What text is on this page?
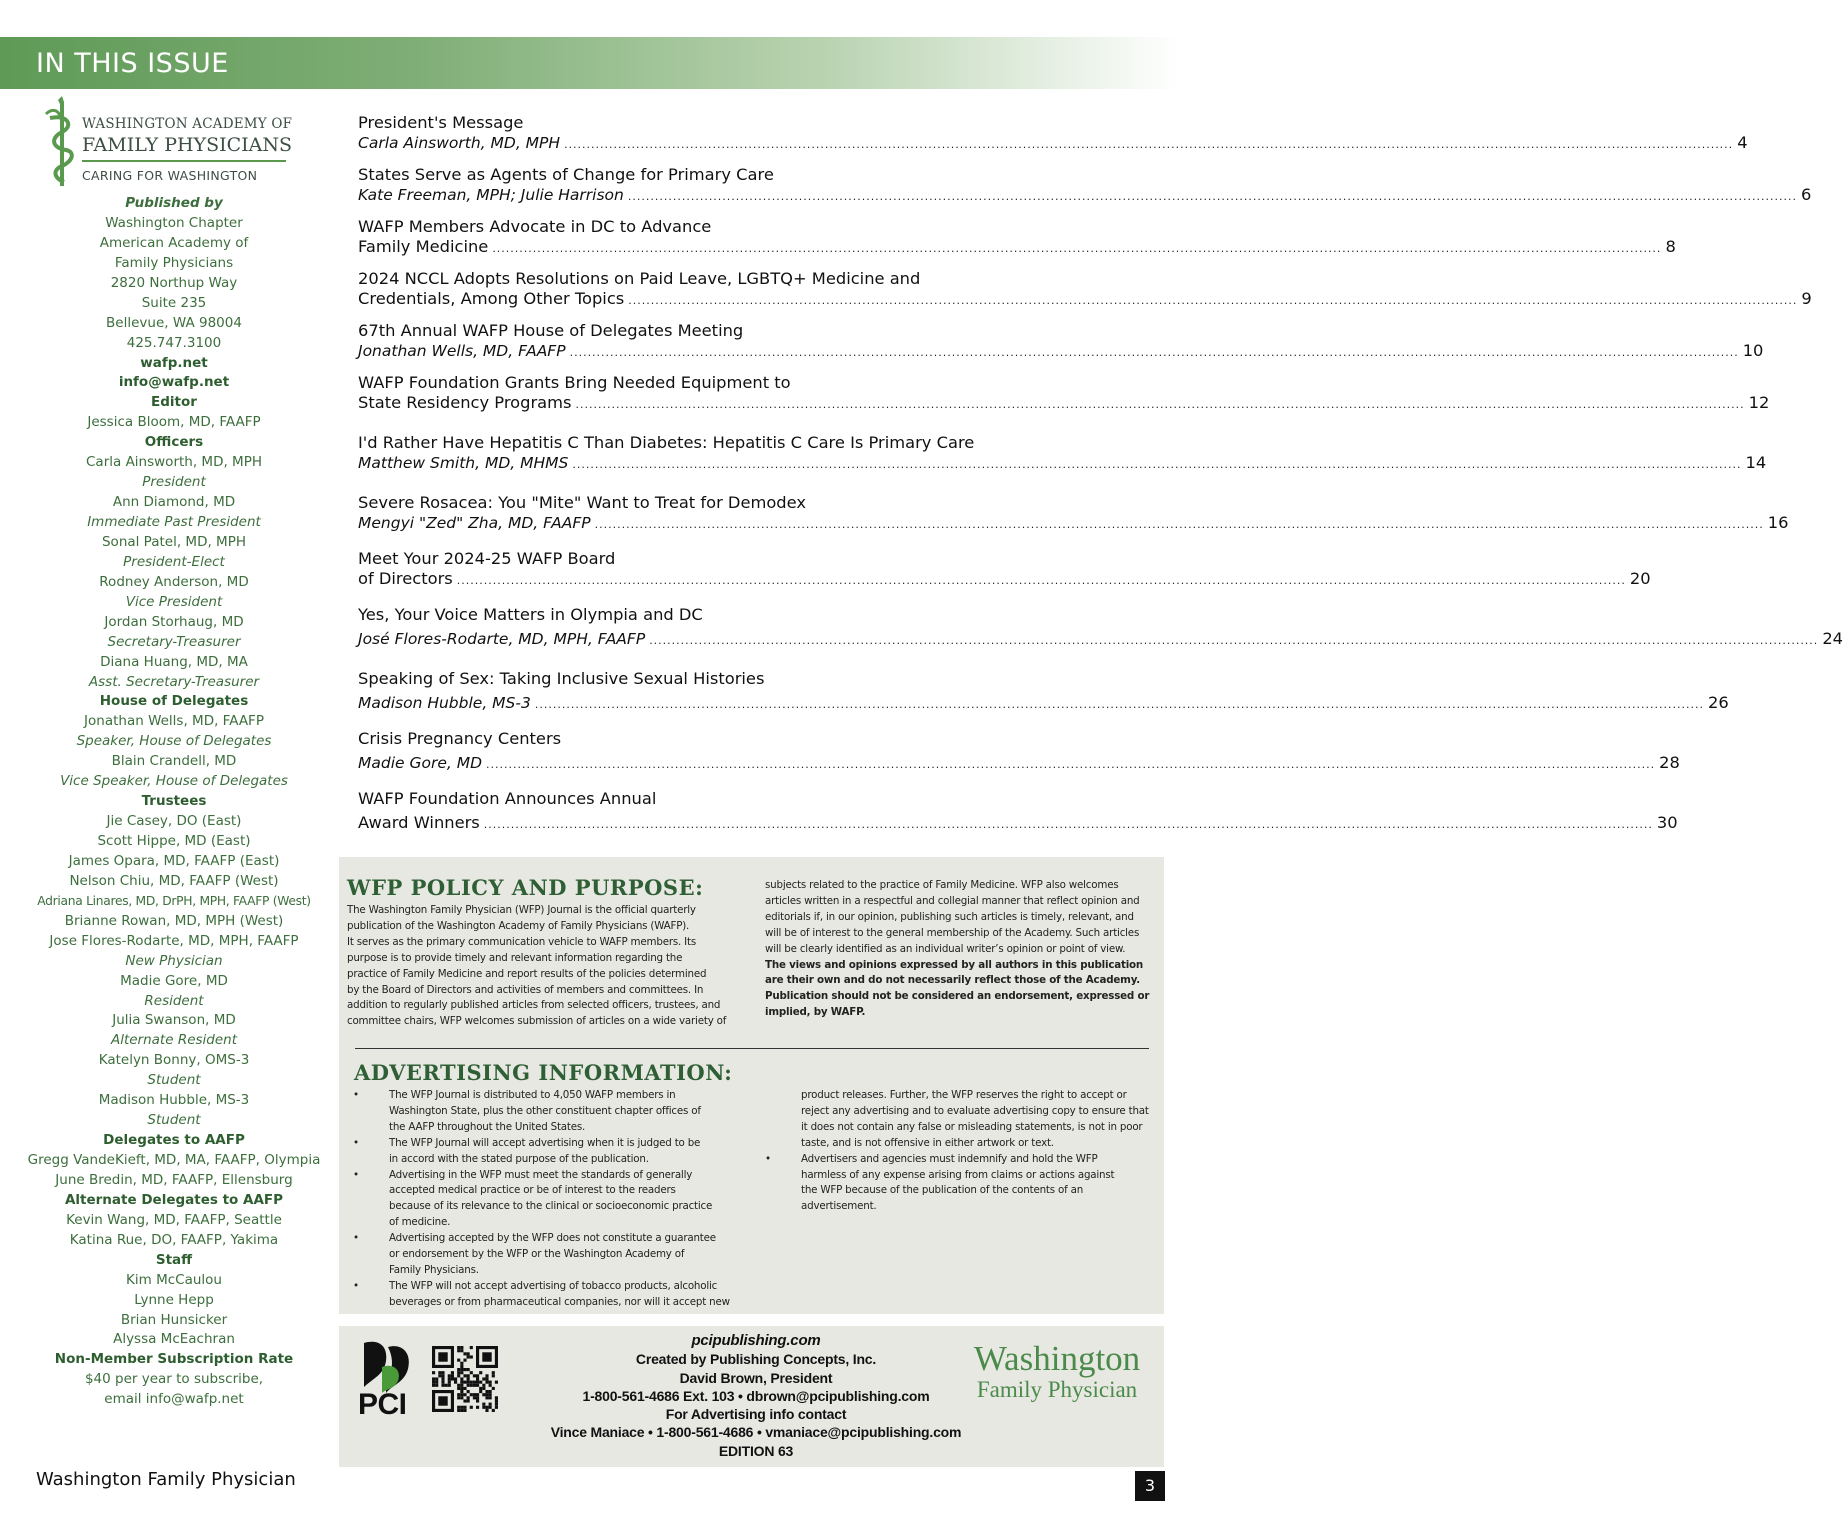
IN THIS ISSUE
WASHINGTON ACADEMY OF
FAMILY PHYSICIANS
CARING FOR WASHINGTON
Published by
Washington Chapter
American Academy of
Family Physicians
2820 Northup Way
Suite 235
Bellevue, WA 98004
425.747.3100
wafp.net
info@wafp.net
Editor
Jessica Bloom, MD, FAAFP
Officers
Carla Ainsworth, MD, MPH
President
Ann Diamond, MD
Immediate Past President
Sonal Patel, MD, MPH
President-Elect
Rodney Anderson, MD
Vice President
Jordan Storhaug, MD
Secretary-Treasurer
Diana Huang, MD, MA
Asst. Secretary-Treasurer
House of Delegates
Jonathan Wells, MD, FAAFP
Speaker, House of Delegates
Blain Crandell, MD
Vice Speaker, House of Delegates
Trustees
Jie Casey, DO (East)
Scott Hippe, MD (East)
James Opara, MD, FAAFP (East)
Nelson Chiu, MD, FAAFP (West)
Adriana Linares, MD, DrPH, MPH, FAAFP (West)
Brianne Rowan, MD, MPH (West)
Jose Flores-Rodarte, MD, MPH, FAAFP
New Physician
Madie Gore, MD
Resident
Julia Swanson, MD
Alternate Resident
Katelyn Bonny, OMS-3
Student
Madison Hubble, MS-3
Student
Delegates to AAFP
Gregg VandeKieft, MD, MA, FAAFP, Olympia
June Bredin, MD, FAAFP, Ellensburg
Alternate Delegates to AAFP
Kevin Wang, MD, FAAFP, Seattle
Katina Rue, DO, FAAFP, Yakima
Staff
Kim McCaulou
Lynne Hepp
Brian Hunsicker
Alyssa McEachran
Non-Member Subscription Rate
$40 per year to subscribe,
email info@wafp.net
President's Message
Carla Ainsworth, MD, MPH .................................................................................................................................................................................................................................................................... 4
States Serve as Agents of Change for Primary Care
Kate Freeman, MPH; Julie Harrison .................................................................................................................................................................................................................................................................... 6
WAFP Members Advocate in DC to Advance
Family Medicine .................................................................................................................................................................................................................................................................... 8
2024 NCCL Adopts Resolutions on Paid Leave, LGBTQ+ Medicine and
Credentials, Among Other Topics .................................................................................................................................................................................................................................................................... 9
67th Annual WAFP House of Delegates Meeting
Jonathan Wells, MD, FAAFP .................................................................................................................................................................................................................................................................... 10
WAFP Foundation Grants Bring Needed Equipment to
State Residency Programs .................................................................................................................................................................................................................................................................... 12
I'd Rather Have Hepatitis C Than Diabetes: Hepatitis C Care Is Primary Care
Matthew Smith, MD, MHMS .................................................................................................................................................................................................................................................................... 14
Severe Rosacea: You "Mite" Want to Treat for Demodex
Mengyi "Zed" Zha, MD, FAAFP .................................................................................................................................................................................................................................................................... 16
Meet Your 2024-25 WAFP Board
of Directors .................................................................................................................................................................................................................................................................... 20
Yes, Your Voice Matters in Olympia and DC
José Flores-Rodarte, MD, MPH, FAAFP .................................................................................................................................................................................................................................................................... 24
Speaking of Sex: Taking Inclusive Sexual Histories
Madison Hubble, MS-3 .................................................................................................................................................................................................................................................................... 26
Crisis Pregnancy Centers
Madie Gore, MD .................................................................................................................................................................................................................................................................... 28
WAFP Foundation Announces Annual
Award Winners .................................................................................................................................................................................................................................................................... 30
WFP POLICY AND PURPOSE:
The Washington Family Physician (WFP) Journal is the official quarterly
publication of the Washington Academy of Family Physicians (WAFP).
It serves as the primary communication vehicle to WAFP members. Its
purpose is to provide timely and relevant information regarding the
practice of Family Medicine and report results of the policies determined
by the Board of Directors and activities of members and committees. In
addition to regularly published articles from selected officers, trustees, and
committee chairs, WFP welcomes submission of articles on a wide variety of
subjects related to the practice of Family Medicine. WFP also welcomes
articles written in a respectful and collegial manner that reflect opinion and
editorials if, in our opinion, publishing such articles is timely, relevant, and
will be of interest to the general membership of the Academy. Such articles
will be clearly identified as an individual writer’s opinion or point of view.
The views and opinions expressed by all authors in this publication
are their own and do not necessarily reflect those of the Academy.
Publication should not be considered an endorsement, expressed or
implied, by WAFP.
ADVERTISING INFORMATION:
•	The WFP Journal is distributed to 4,050 WAFP members in
Washington State, plus the other constituent chapter offices of
the AAFP throughout the United States.
•	The WFP Journal will accept advertising when it is judged to be
in accord with the stated purpose of the publication.
•	Advertising in the WFP must meet the standards of generally
accepted medical practice or be of interest to the readers
because of its relevance to the clinical or socioeconomic practice
of medicine.
•	Advertising accepted by the WFP does not constitute a guarantee
or endorsement by the WFP or the Washington Academy of
Family Physicians.
•	The WFP will not accept advertising of tobacco products, alcoholic
beverages or from pharmaceutical companies, nor will it accept new
product releases. Further, the WFP reserves the right to accept or
reject any advertising and to evaluate advertising copy to ensure that
it does not contain any false or misleading statements, is not in poor
taste, and is not offensive in either artwork or text.
•	Advertisers and agencies must indemnify and hold the WFP
harmless of any expense arising from claims or actions against
the WFP because of the publication of the contents of an
advertisement.
PCI
pcipublishing.com
Created by Publishing Concepts, Inc.
David Brown, President
1-800-561-4686 Ext. 103 • dbrown@pcipublishing.com
For Advertising info contact
Vince Maniace • 1-800-561-4686 • vmaniace@pcipublishing.com
EDITION 63
Washington
Family Physician
Washington Family Physician	3
